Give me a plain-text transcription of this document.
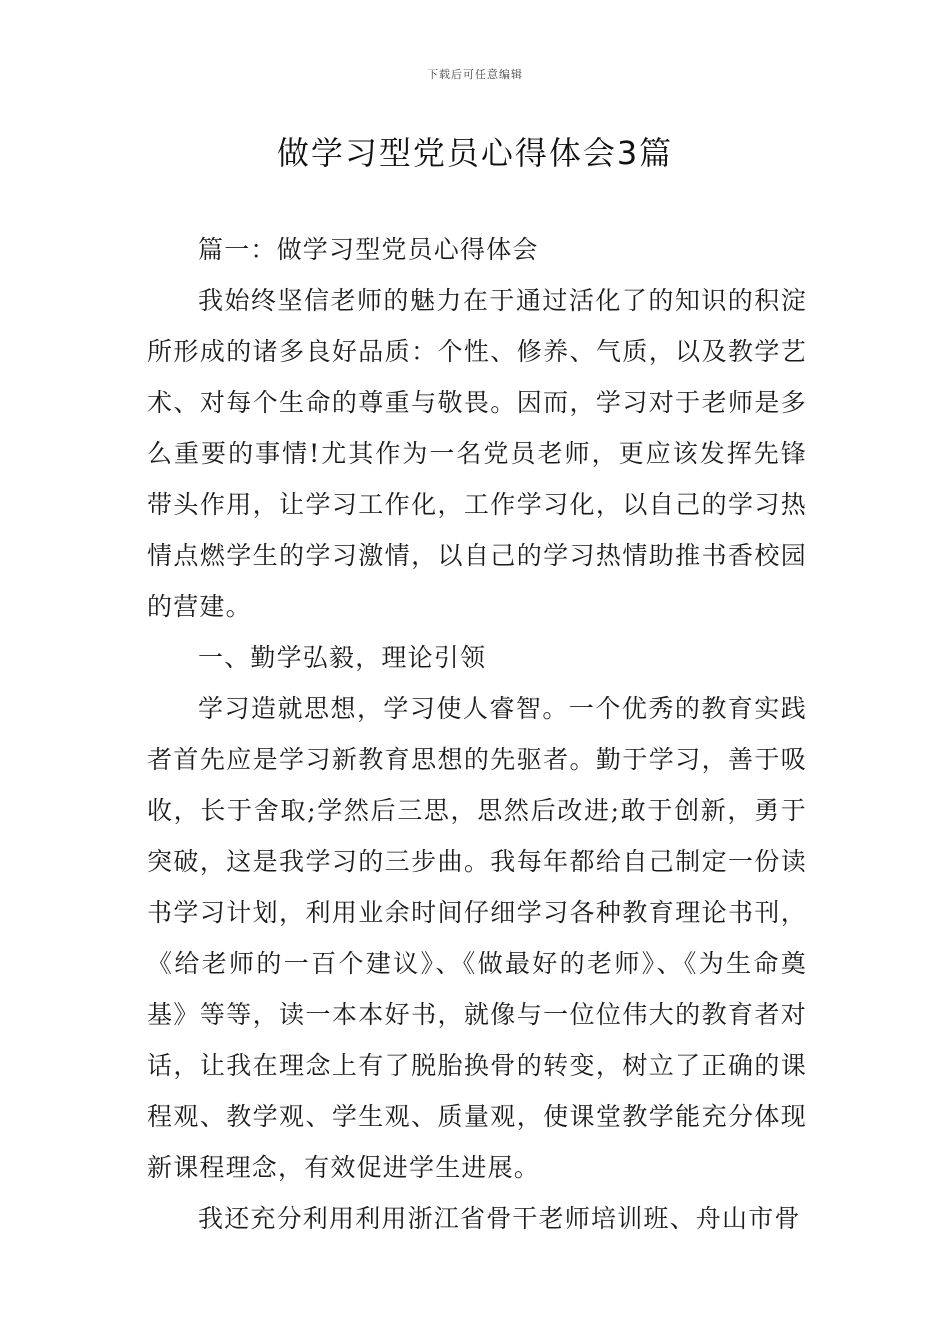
下载后可任意编辑
做学习型党员心得体会3篇

篇一：做学习型党员心得体会

我始终坚信老师的魅力在于通过活化了的知识的积淀所形成的诸多良好品质：个性、修养、气质，以及教学艺术、对每个生命的尊重与敬畏。因而，学习对于老师是多么重要的事情!尤其作为一名党员老师，更应该发挥先锋带头作用，让学习工作化，工作学习化，以自己的学习热情点燃学生的学习激情，以自己的学习热情助推书香校园的营建。

一、勤学弘毅，理论引领

学习造就思想，学习使人睿智。一个优秀的教育实践者首先应是学习新教育思想的先驱者。勤于学习，善于吸收，长于舍取;学然后三思，思然后改进;敢于创新，勇于突破，这是我学习的三步曲。我每年都给自己制定一份读书学习计划，利用业余时间仔细学习各种教育理论书刊，《给老师的一百个建议》、《做最好的老师》、《为生命奠基》等等，读一本本好书，就像与一位位伟大的教育者对话，让我在理念上有了脱胎换骨的转变，树立了正确的课程观、教学观、学生观、质量观，使课堂教学能充分体现新课程理念，有效促进学生进展。

我还充分利用利用浙江省骨干老师培训班、舟山市骨
